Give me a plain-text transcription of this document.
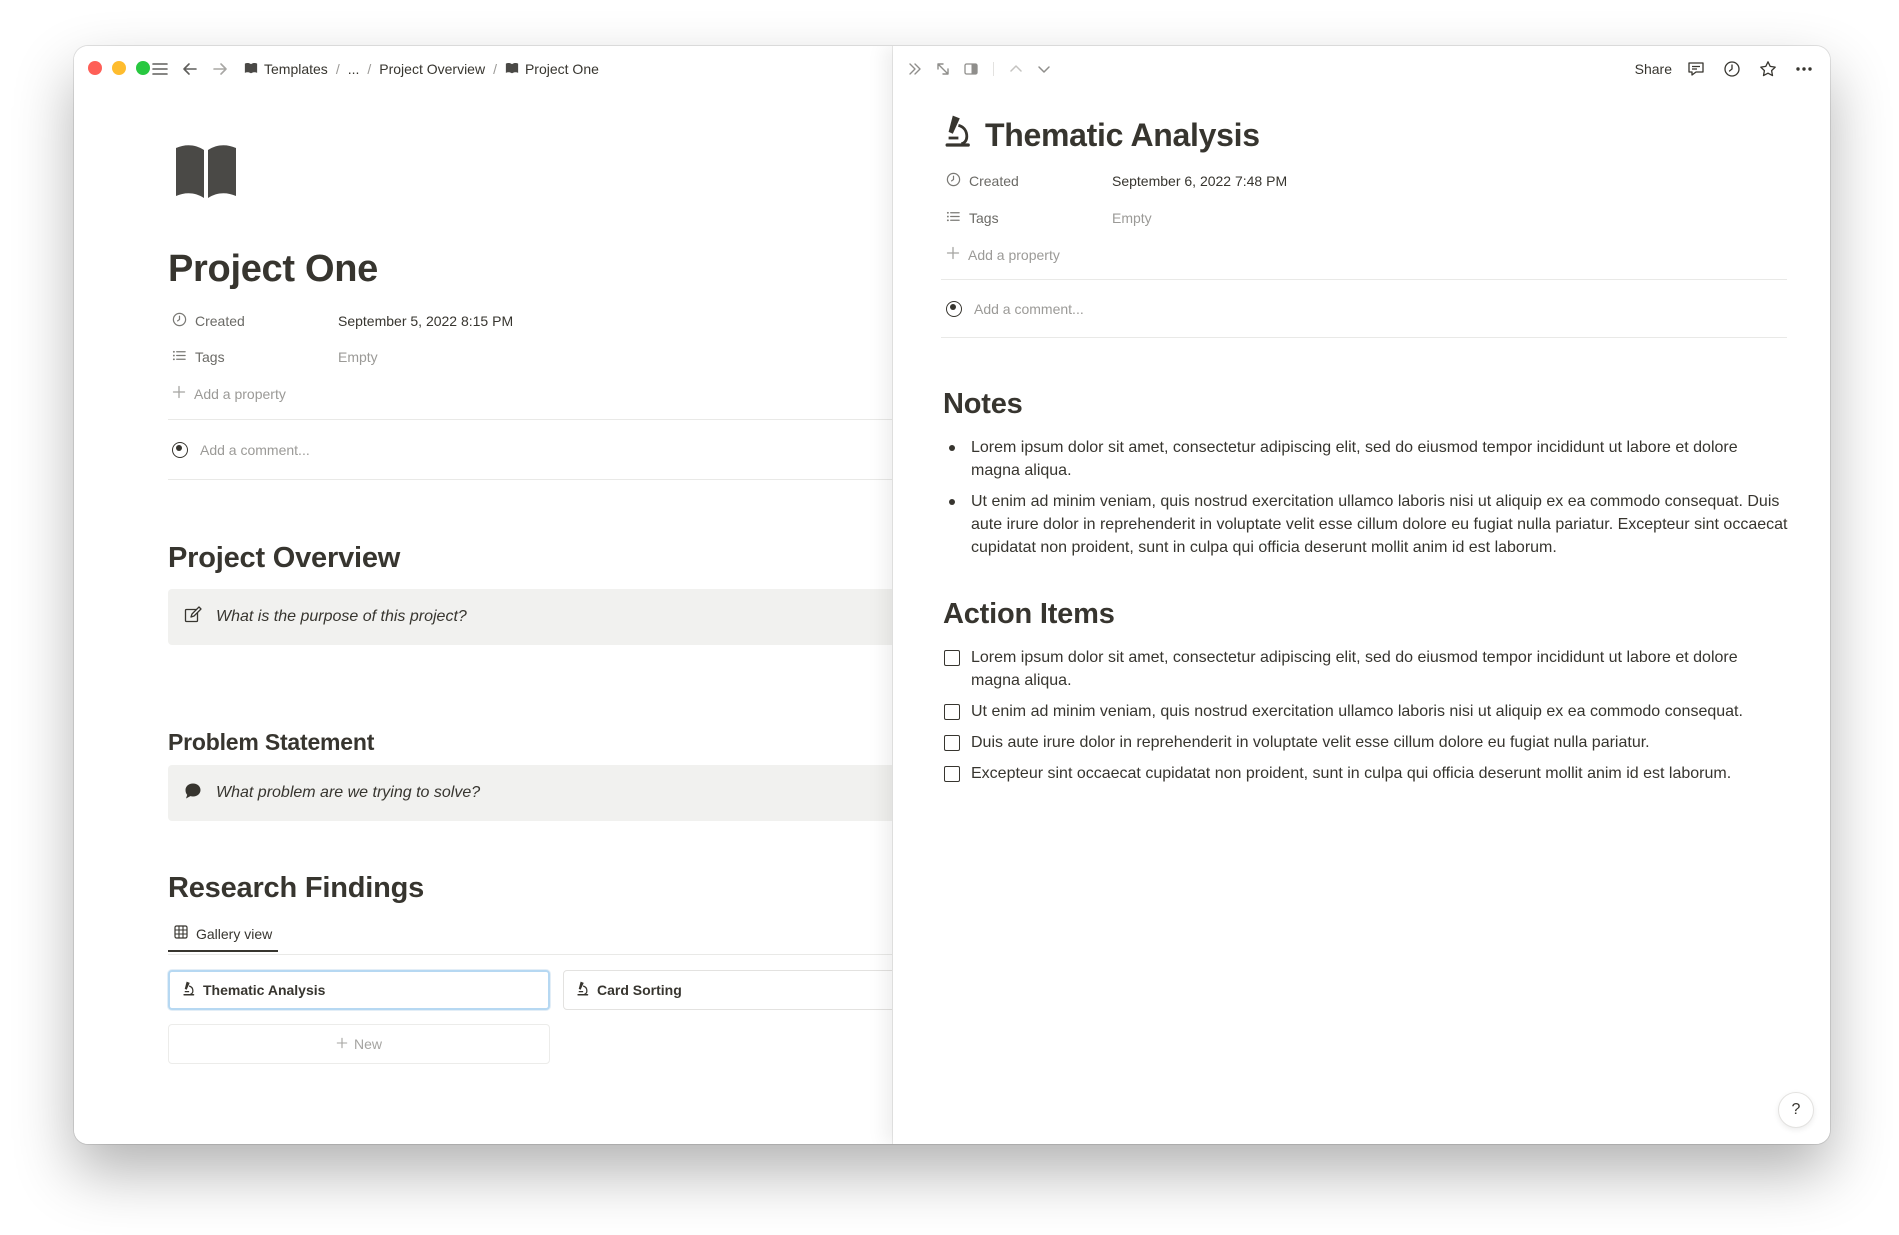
Templates / ... / Project Overview / Project One
Project One
Created	September 5, 2022 8:15 PM
Tags	Empty
Add a property
Add a comment...
Project Overview
What is the purpose of this project?
Problem Statement
What problem are we trying to solve?
Research Findings
Gallery view
Thematic Analysis	Card Sorting
New
Share
Thematic Analysis
Created	September 6, 2022 7:48 PM
Tags	Empty
Add a property
Add a comment...
Notes
Lorem ipsum dolor sit amet, consectetur adipiscing elit, sed do eiusmod tempor incididunt ut labore et dolore magna aliqua.
Ut enim ad minim veniam, quis nostrud exercitation ullamco laboris nisi ut aliquip ex ea commodo consequat. Duis aute irure dolor in reprehenderit in voluptate velit esse cillum dolore eu fugiat nulla pariatur. Excepteur sint occaecat cupidatat non proident, sunt in culpa qui officia deserunt mollit anim id est laborum.
Action Items
Lorem ipsum dolor sit amet, consectetur adipiscing elit, sed do eiusmod tempor incididunt ut labore et dolore magna aliqua.
Ut enim ad minim veniam, quis nostrud exercitation ullamco laboris nisi ut aliquip ex ea commodo consequat.
Duis aute irure dolor in reprehenderit in voluptate velit esse cillum dolore eu fugiat nulla pariatur.
Excepteur sint occaecat cupidatat non proident, sunt in culpa qui officia deserunt mollit anim id est laborum.
?
